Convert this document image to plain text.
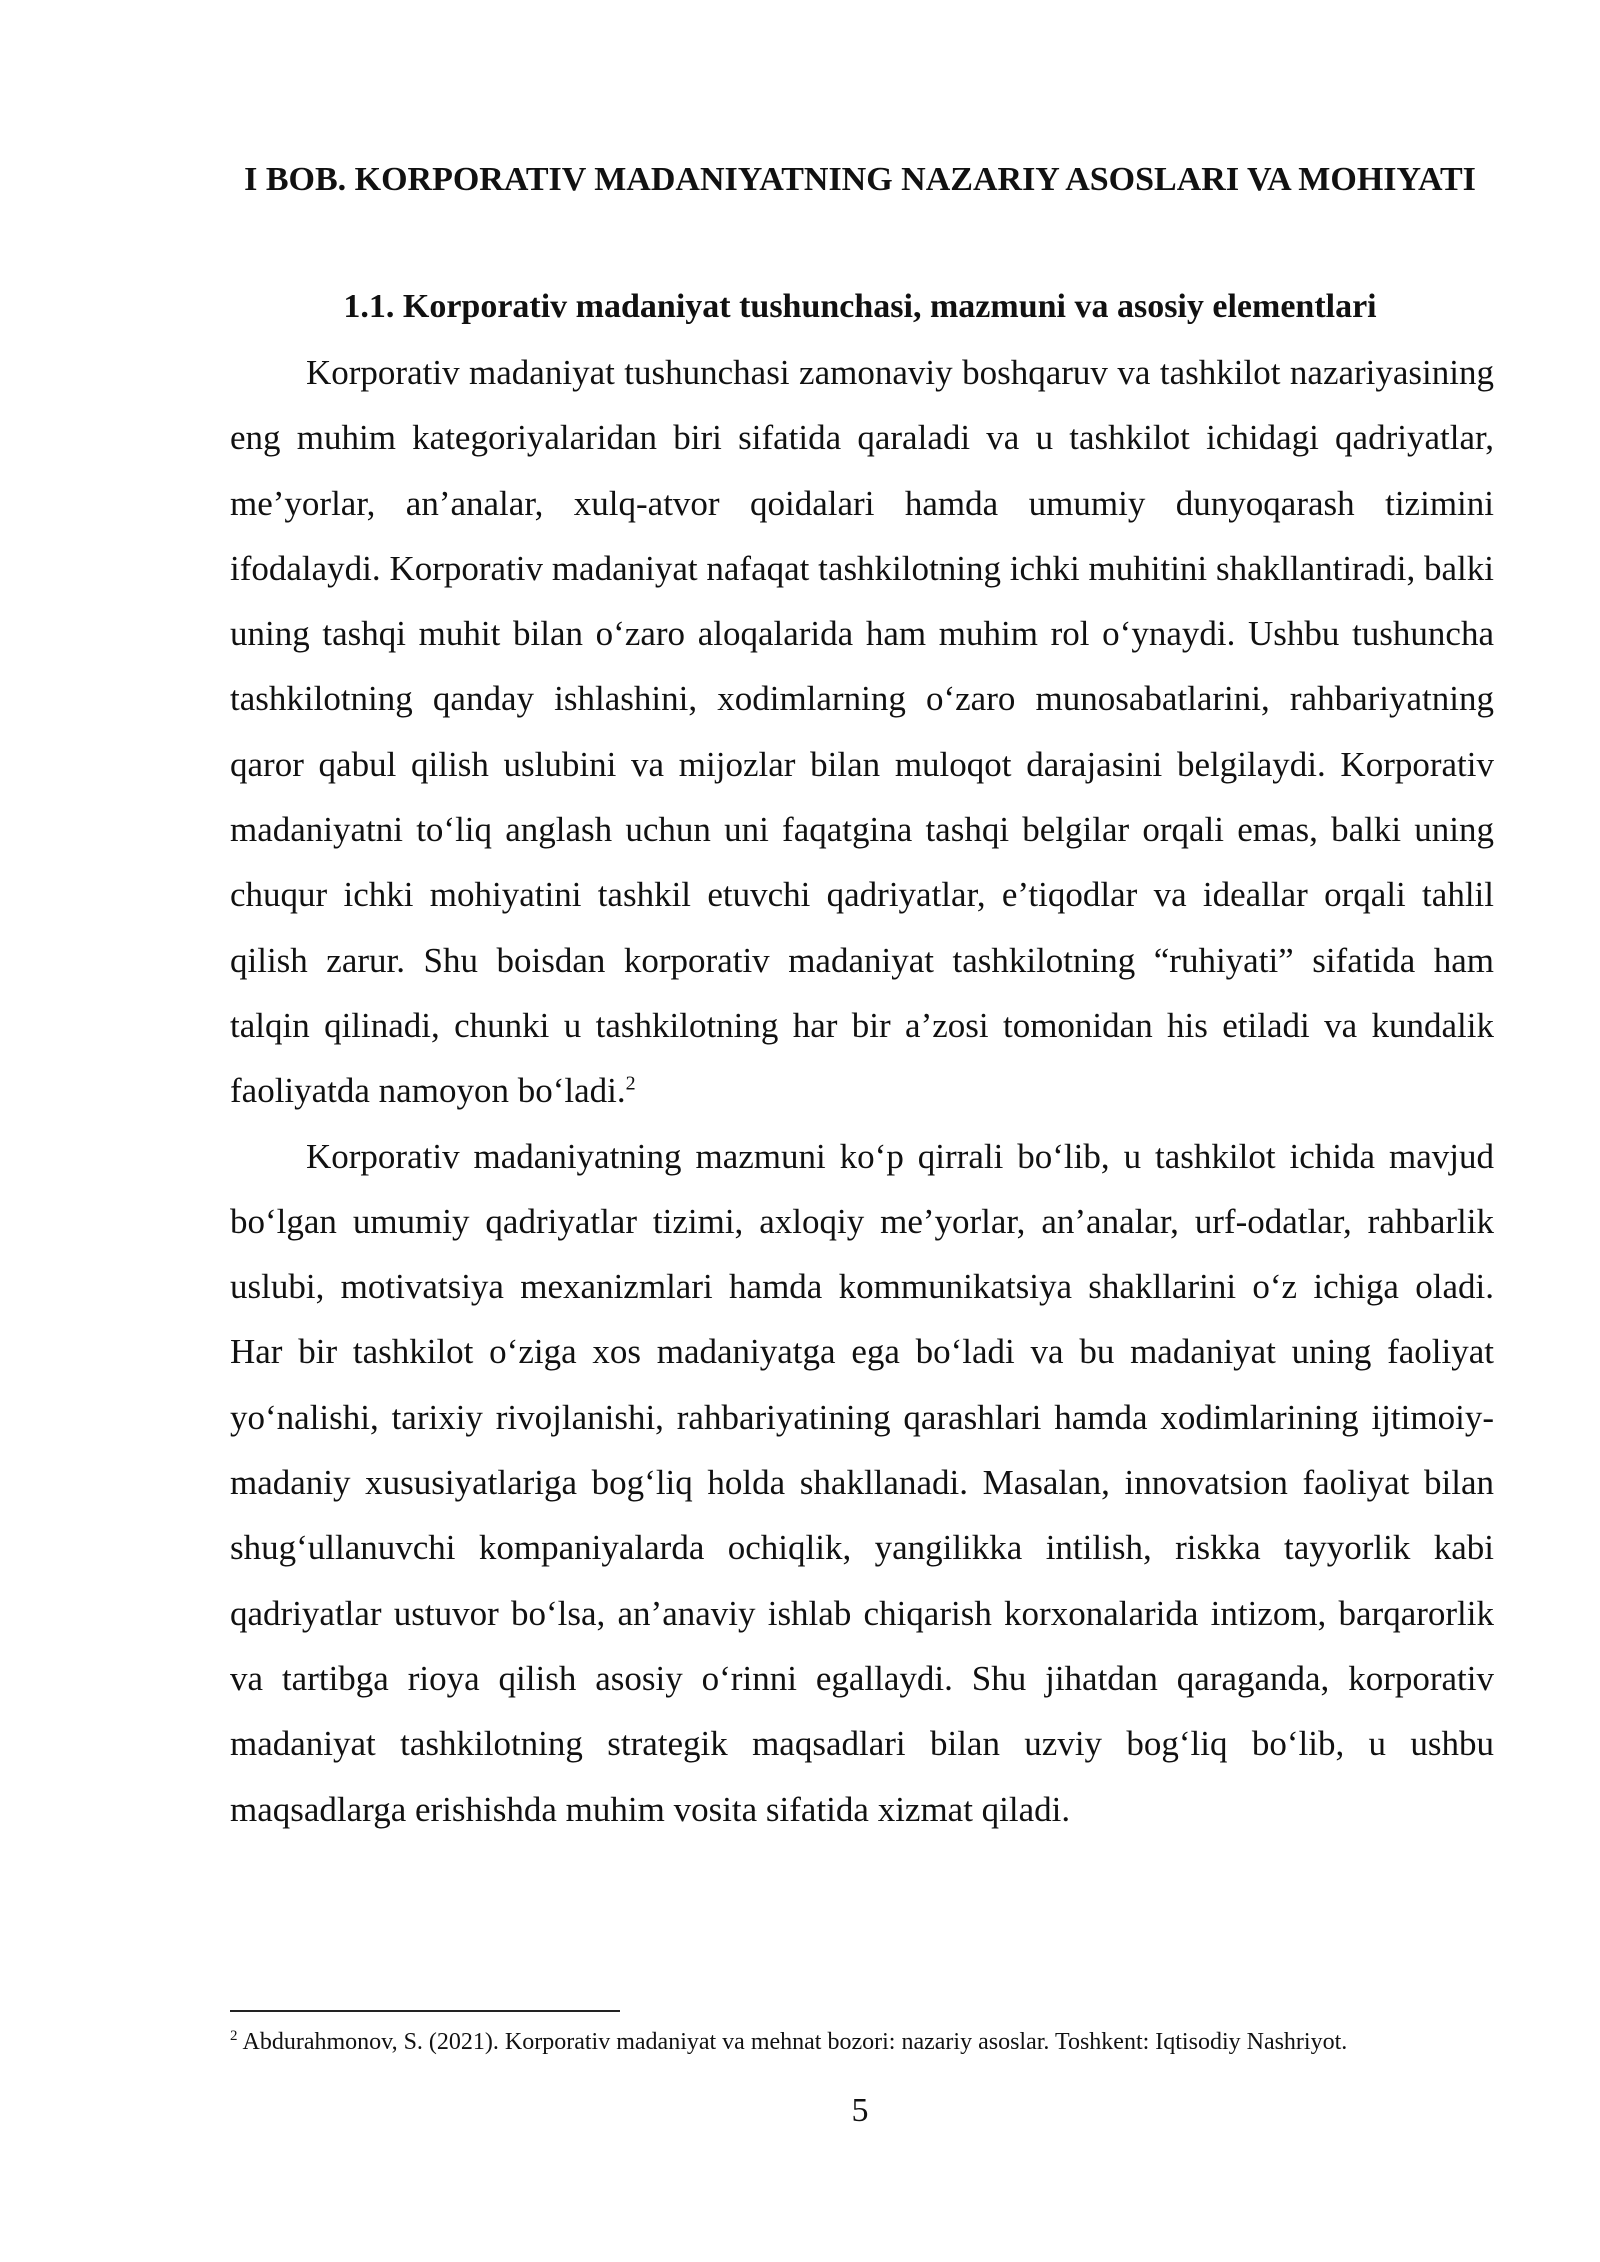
I BOB. KORPORATIV MADANIYATNING NAZARIY ASOSLARI VA MOHIYATI
1.1. Korporativ madaniyat tushunchasi, mazmuni va asosiy elementlari

Korporativ madaniyat tushunchasi zamonaviy boshqaruv va tashkilot nazariyasining eng muhim kategoriyalaridan biri sifatida qaraladi va u tashkilot ichidagi qadriyatlar, me’yorlar, an’analar, xulq-atvor qoidalari hamda umumiy dunyoqarash tizimini ifodalaydi. Korporativ madaniyat nafaqat tashkilotning ichki muhitini shakllantiradi, balki uning tashqi muhit bilan o‘zaro aloqalarida ham muhim rol o‘ynaydi. Ushbu tushuncha tashkilotning qanday ishlashini, xodimlarning o‘zaro munosabatlarini, rahbariyatning qaror qabul qilish uslubini va mijozlar bilan muloqot darajasini belgilaydi. Korporativ madaniyatni to‘liq anglash uchun uni faqatgina tashqi belgilar orqali emas, balki uning chuqur ichki mohiyatini tashkil etuvchi qadriyatlar, e’tiqodlar va ideallar orqali tahlil qilish zarur. Shu boisdan korporativ madaniyat tashkilotning “ruhiyati” sifatida ham talqin qilinadi, chunki u tashkilotning har bir a’zosi tomonidan his etiladi va kundalik faoliyatda namoyon bo‘ladi.$^2$

Korporativ madaniyatning mazmuni ko‘p qirrali bo‘lib, u tashkilot ichida mavjud bo‘lgan umumiy qadriyatlar tizimi, axloqiy me’yorlar, an’analar, urf-odatlar, rahbarlik uslubi, motivatsiya mexanizmlari hamda kommunikatsiya shakllarini o‘z ichiga oladi. Har bir tashkilot o‘ziga xos madaniyatga ega bo‘ladi va bu madaniyat uning faoliyat yo‘nalishi, tarixiy rivojlanishi, rahbariyatining qarashlari hamda xodimlarining ijtimoiy-madaniy xususiyatlariga bog‘liq holda shakllanadi. Masalan, innovatsion faoliyat bilan shug‘ullanuvchi kompaniyalarda ochiqlik, yangilikka intilish, riskka tayyorlik kabi qadriyatlar ustuvor bo‘lsa, an’anaviy ishlab chiqarish korxonalarida intizom, barqarorlik va tartibga rioya qilish asosiy o‘rinni egallaydi. Shu jihatdan qaraganda, korporativ madaniyat tashkilotning strategik maqsadlari bilan uzviy bog‘liq bo‘lib, u ushbu maqsadlarga erishishda muhim vosita sifatida xizmat qiladi.

$^2$ Abdurahmonov, S. (2021). Korporativ madaniyat va mehnat bozori: nazariy asoslar. Toshkent: Iqtisodiy Nashriyot.

5
